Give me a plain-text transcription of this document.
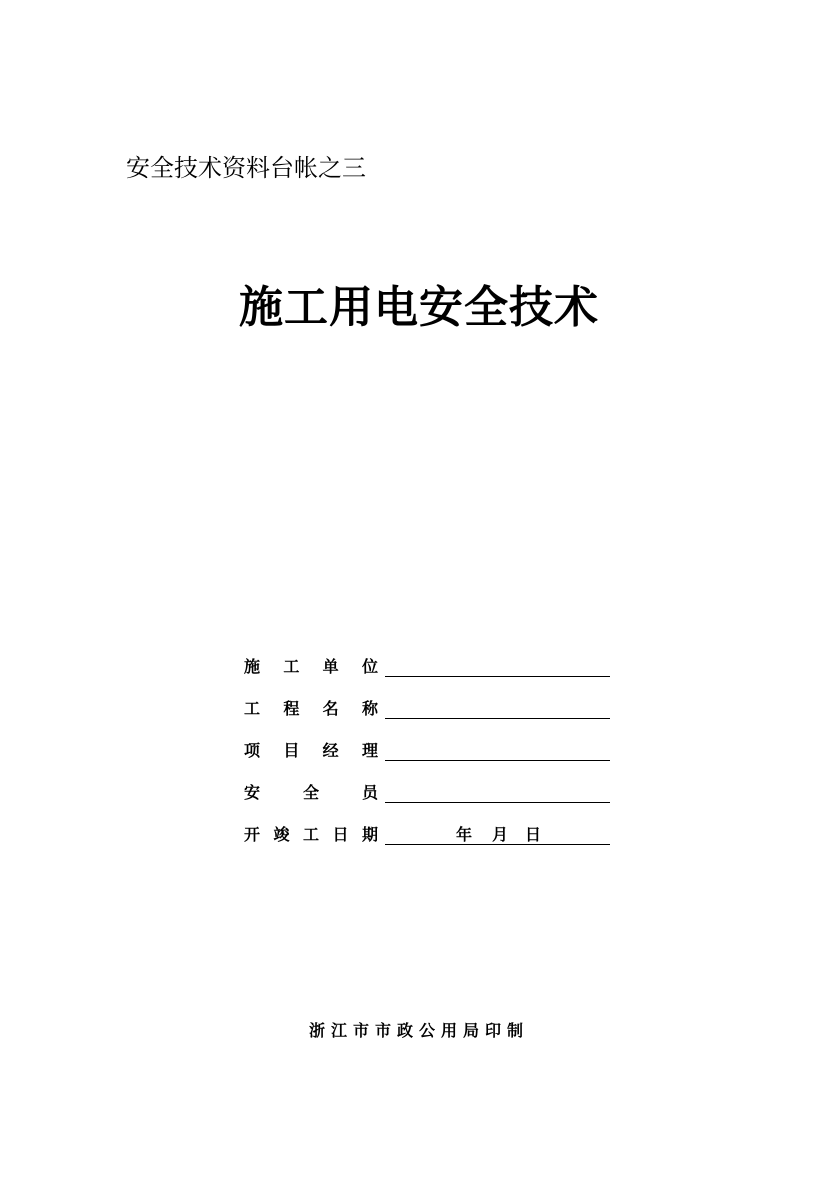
安全技术资料台帐之三
施工用电安全技术
施 工 单 位
工 程 名 称
项 目 经 理
安 全 员
开 竣 工 日 期	年 月 日
浙江市市政公用局印制
